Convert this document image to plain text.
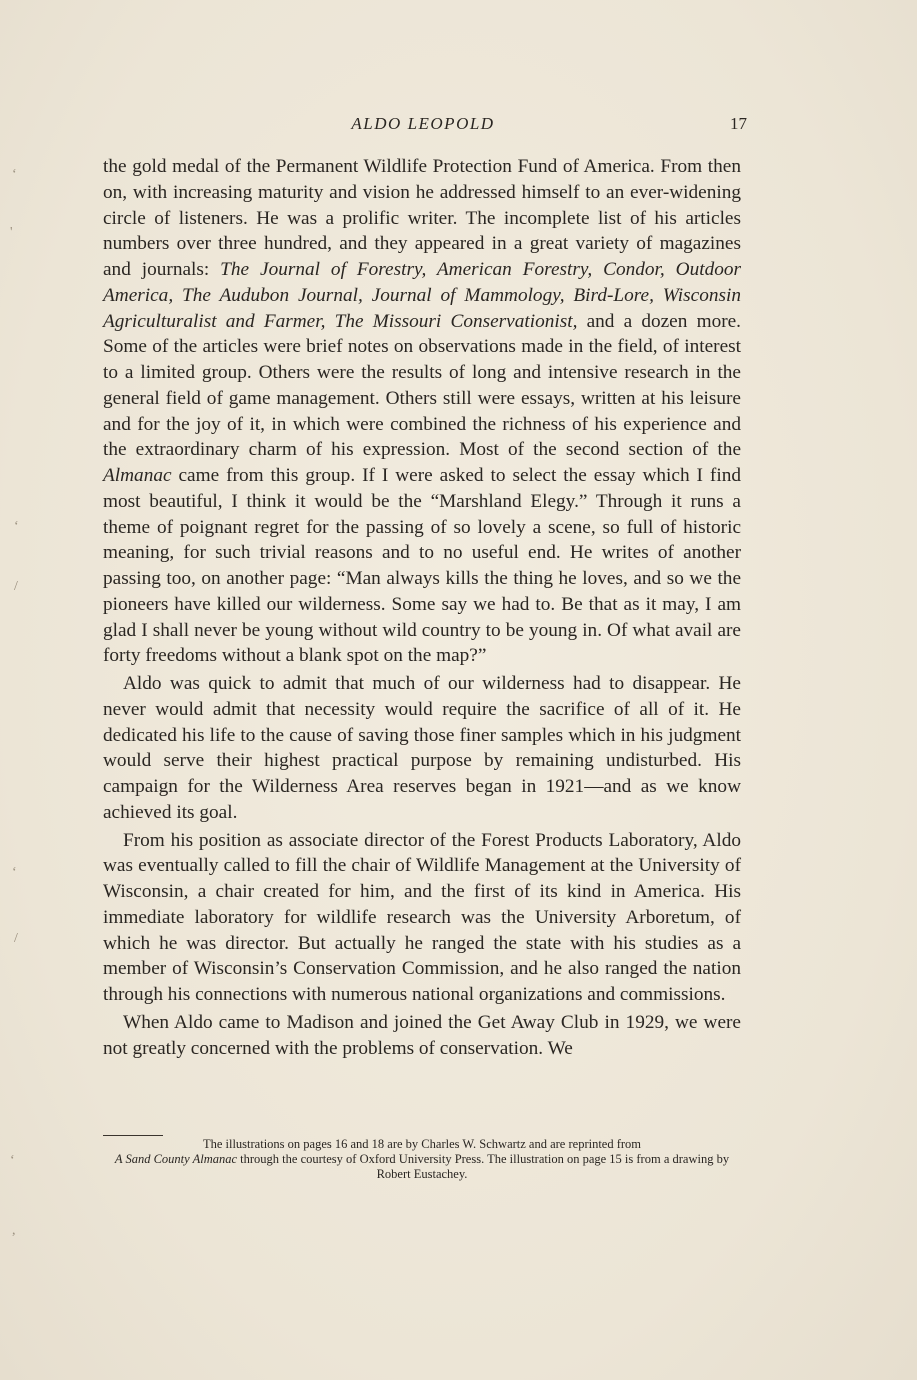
ALDO LEOPOLD	17

the gold medal of the Permanent Wildlife Protection Fund of America. From then on, with increasing maturity and vision he addressed himself to an ever-widening circle of listeners. He was a prolific writer. The incomplete list of his articles numbers over three hundred, and they appeared in a great variety of magazines and journals: The Journal of Forestry, American Forestry, Condor, Outdoor America, The Audubon Journal, Journal of Mammology, Bird-Lore, Wisconsin Agriculturalist and Farmer, The Missouri Conservationist, and a dozen more. Some of the articles were brief notes on observations made in the field, of interest to a limited group. Others were the results of long and intensive research in the general field of game management. Others still were essays, written at his leisure and for the joy of it, in which were combined the richness of his experience and the extraordinary charm of his expression. Most of the second section of the Almanac came from this group. If I were asked to select the essay which I find most beautiful, I think it would be the “Marshland Elegy.” Through it runs a theme of poignant regret for the passing of so lovely a scene, so full of historic meaning, for such trivial reasons and to no useful end. He writes of another passing too, on another page: “Man always kills the thing he loves, and so we the pioneers have killed our wilderness. Some say we had to. Be that as it may, I am glad I shall never be young without wild country to be young in. Of what avail are forty freedoms without a blank spot on the map?”

Aldo was quick to admit that much of our wilderness had to disappear. He never would admit that necessity would require the sacrifice of all of it. He dedicated his life to the cause of saving those finer samples which in his judgment would serve their highest practical purpose by remaining undisturbed. His campaign for the Wilderness Area reserves began in 1921—and as we know achieved its goal.

From his position as associate director of the Forest Products Laboratory, Aldo was eventually called to fill the chair of Wildlife Management at the University of Wisconsin, a chair created for him, and the first of its kind in America. His immediate laboratory for wildlife research was the University Arboretum, of which he was director. But actually he ranged the state with his studies as a member of Wisconsin’s Conservation Commission, and he also ranged the nation through his connections with numerous national organizations and commissions.

When Aldo came to Madison and joined the Get Away Club in 1929, we were not greatly concerned with the problems of conservation. We

The illustrations on pages 16 and 18 are by Charles W. Schwartz and are reprinted from
A Sand County Almanac through the courtesy of Oxford University Press. The illustration on page 15 is from a drawing by Robert Eustachey.
‘
'
‘
/
‘
/
‘
,
